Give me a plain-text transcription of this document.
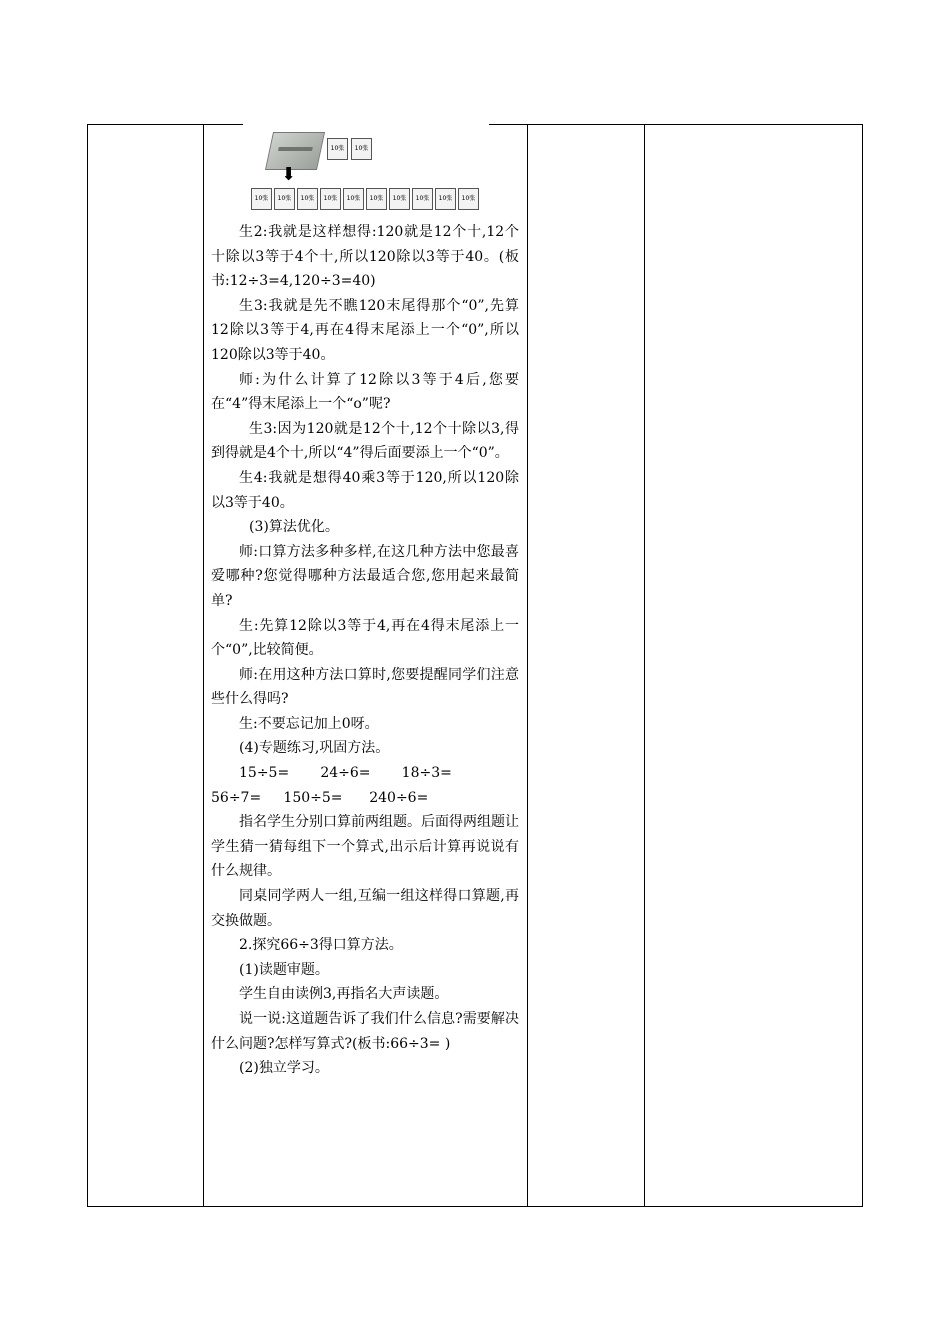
⬇
10张	10张
10张	10张	10张	10张	10张	10张	10张	10张	10张	10张

生2:我就是这样想得:120就是12个十,12个十除以3等于4个十,所以120除以3等于40。(板书:12÷3=4,120÷3=40)

生3:我就是先不瞧120末尾得那个“0”,先算12除以3等于4,再在4得末尾添上一个“0”,所以120除以3等于40。

师:为什么计算了12除以3等于4后,您要在“4”得末尾添上一个“o”呢?

生3:因为120就是12个十,12个十除以3,得到得就是4个十,所以“4”得后面要添上一个“0”。

生4:我就是想得40乘3等于120,所以120除以3等于40。

(3)算法优化。

师:口算方法多种多样,在这几种方法中您最喜爱哪种?您觉得哪种方法最适合您,您用起来最简单?

生:先算12除以3等于4,再在4得末尾添上一个“0”,比较简便。

师:在用这种方法口算时,您要提醒同学们注意些什么得吗?

生:不要忘记加上0呀。

(4)专题练习,巩固方法。

15÷5=       24÷6=       18÷3=

56÷7=     150÷5=      240÷6=

指名学生分别口算前两组题。后面得两组题让学生猜一猜每组下一个算式,出示后计算再说说有什么规律。

同桌同学两人一组,互编一组这样得口算题,再交换做题。

2.探究66÷3得口算方法。

(1)读题审题。

学生自由读例3,再指名大声读题。

说一说:这道题告诉了我们什么信息?需要解决什么问题?怎样写算式?(板书:66÷3= )

(2)独立学习。
